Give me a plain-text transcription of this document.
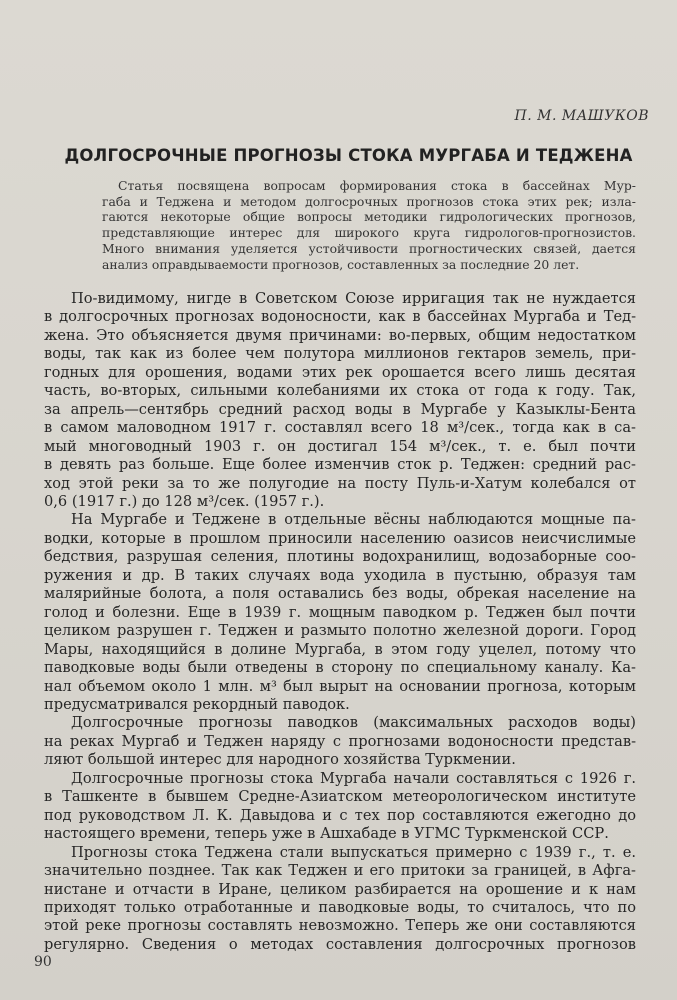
П. М. МАШУКОВ
ДОЛГОСРОЧНЫЕ ПРОГНОЗЫ СТОКА МУРГАБА И ТЕДЖЕНА
Статья посвящена вопросам формирования стока в бассейнах Мур-
габа и Теджена и методом долгосрочных прогнозов стока этих рек; изла-
гаются некоторые общие вопросы методики гидрологических прогнозов,
представляющие интерес для широкого круга гидрологов-прогнозистов.
Много внимания уделяется устойчивости прогностических связей, дается
анализ оправдываемости прогнозов, составленных за последние 20 лет.
По-видимому, нигде в Советском Союзе ирригация так не нуждается
в долгосрочных прогнозах водоносности, как в бассейнах Мургаба и Тед-
жена. Это объясняется двумя причинами: во-первых, общим недостатком
воды, так как из более чем полутора миллионов гектаров земель, при-
годных для орошения, водами этих рек орошается всего лишь десятая
часть, во-вторых, сильными колебаниями их стока от года к году. Так,
за апрель—сентябрь средний расход воды в Мургабе у Казыклы-Бента
в самом маловодном 1917 г. составлял всего 18 м³/сек., тогда как в са-
мый многоводный 1903 г. он достигал 154 м³/сек., т. е. был почти
в девять раз больше. Еще более изменчив сток р. Теджен: средний рас-
ход этой реки за то же полугодие на посту Пуль-и-Хатум колебался от
0,6 (1917 г.) до 128 м³/сек. (1957 г.).
На Мургабе и Теджене в отдельные вёсны наблюдаются мощные па-
водки, которые в прошлом приносили населению оазисов неисчислимые
бедствия, разрушая селения, плотины водохранилищ, водозаборные соо-
ружения и др. В таких случаях вода уходила в пустыню, образуя там
малярийные болота, а поля оставались без воды, обрекая население на
голод и болезни. Еще в 1939 г. мощным паводком р. Теджен был почти
целиком разрушен г. Теджен и размыто полотно железной дороги. Город
Мары, находящийся в долине Мургаба, в этом году уцелел, потому что
паводковые воды были отведены в сторону по специальному каналу. Ка-
нал объемом около 1 млн. м³ был вырыт на основании прогноза, которым
предусматривался рекордный паводок.
Долгосрочные прогнозы паводков (максимальных расходов воды)
на реках Мургаб и Теджен наряду с прогнозами водоносности представ-
ляют большой интерес для народного хозяйства Туркмении.
Долгосрочные прогнозы стока Мургаба начали составляться с 1926 г.
в Ташкенте в бывшем Средне-Азиатском метеорологическом институте
под руководством Л. К. Давыдова и с тех пор составляются ежегодно до
настоящего времени, теперь уже в Ашхабаде в УГМС Туркменской ССР.
Прогнозы стока Теджена стали выпускаться примерно с 1939 г., т. е.
значительно позднее. Так как Теджен и его притоки за границей, в Афга-
нистане и отчасти в Иране, целиком разбирается на орошение и к нам
приходят только отработанные и паводковые воды, то считалось, что по
этой реке прогнозы составлять невозможно. Теперь же они составляются
регулярно. Сведения о методах составления долгосрочных прогнозов
90
